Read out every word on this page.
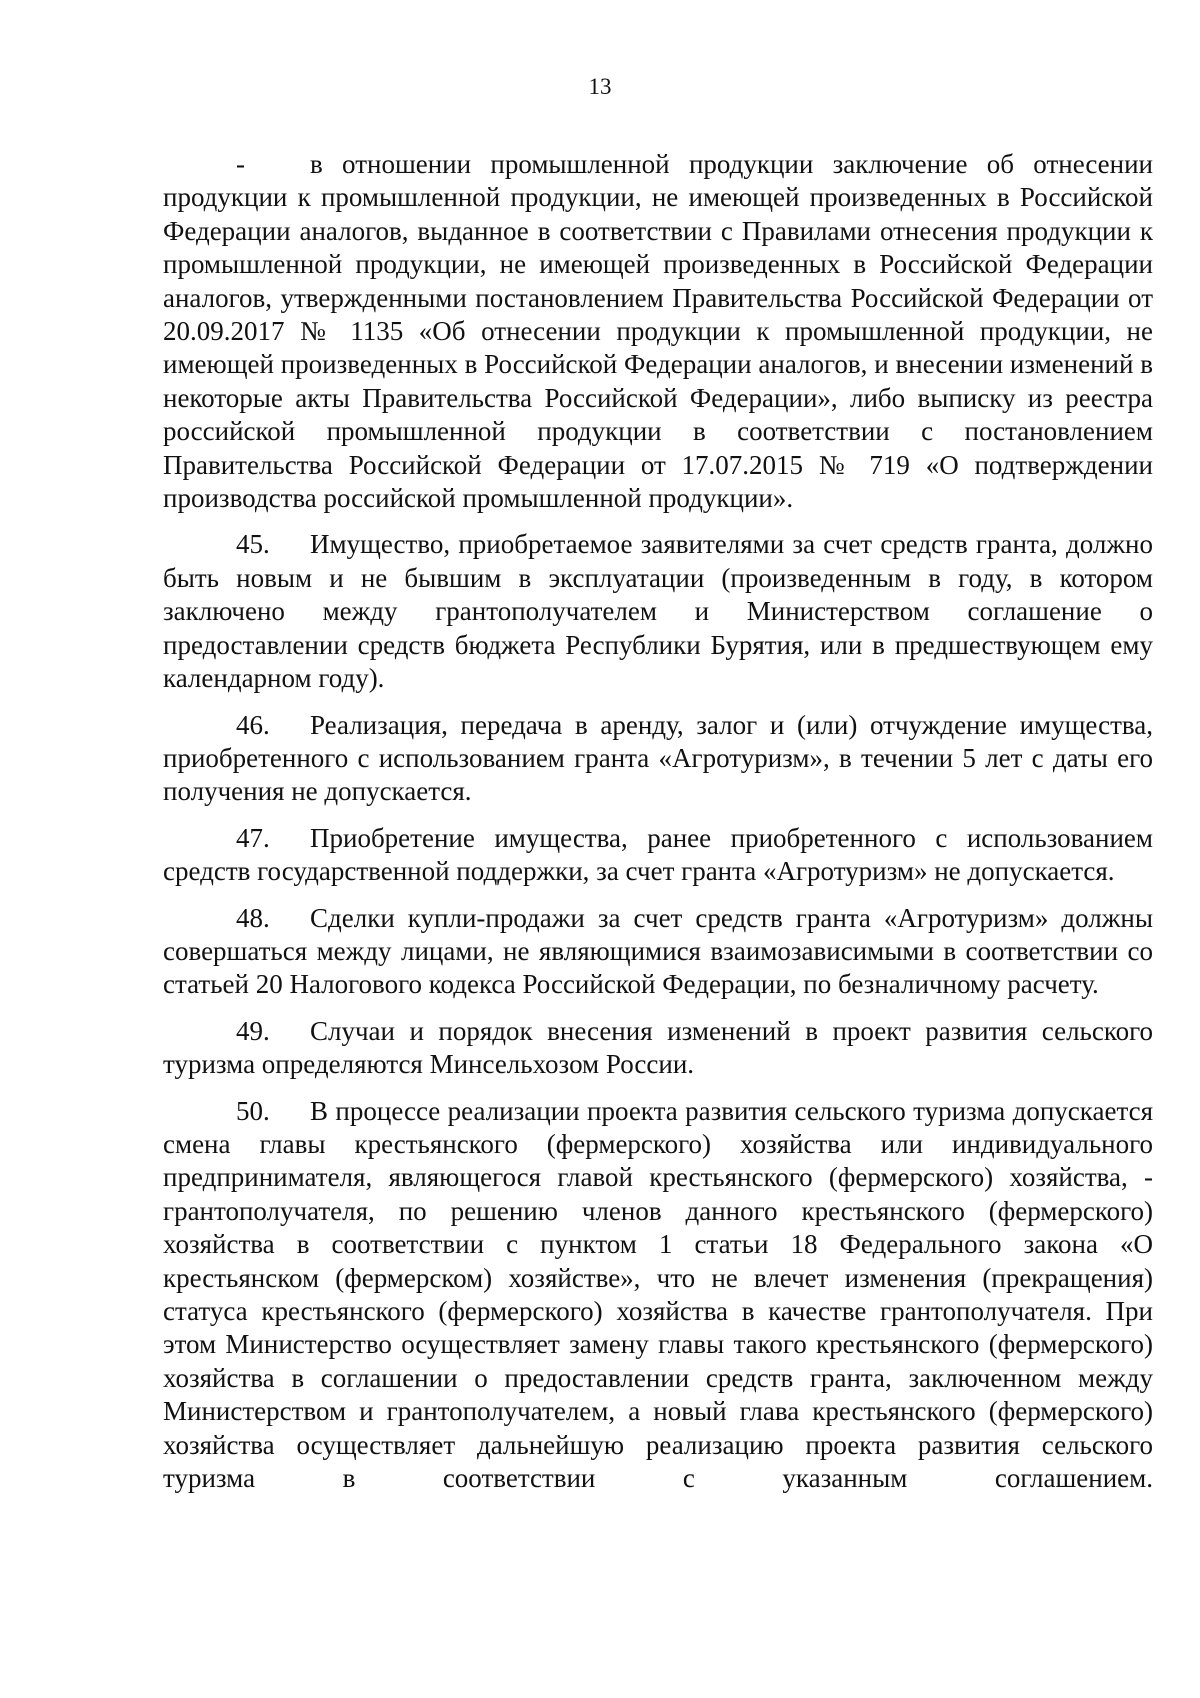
13

- в отношении промышленной продукции заключение об отнесении продукции к промышленной продукции, не имеющей произведенных в Российской Федерации аналогов, выданное в соответствии с Правилами отнесения продукции к промышленной продукции, не имеющей произведенных в Российской Федерации аналогов, утвержденными постановлением Правительства Российской Федерации от 20.09.2017 № 1135 «Об отнесении продукции к промышленной продукции, не имеющей произведенных в Российской Федерации аналогов, и внесении изменений в некоторые акты Правительства Российской Федерации», либо выписку из реестра российской промышленной продукции в соответствии с постановлением Правительства Российской Федерации от 17.07.2015 № 719 «О подтверждении производства российской промышленной продукции».

45. Имущество, приобретаемое заявителями за счет средств гранта, должно быть новым и не бывшим в эксплуатации (произведенным в году, в котором заключено между грантополучателем и Министерством соглашение о предоставлении средств бюджета Республики Бурятия, или в предшествующем ему календарном году).

46. Реализация, передача в аренду, залог и (или) отчуждение имущества, приобретенного с использованием гранта «Агротуризм», в течении 5 лет с даты его получения не допускается.

47. Приобретение имущества, ранее приобретенного с использованием средств государственной поддержки, за счет гранта «Агротуризм» не допускается.

48. Сделки купли-продажи за счет средств гранта «Агротуризм» должны совершаться между лицами, не являющимися взаимозависимыми в соответствии со статьей 20 Налогового кодекса Российской Федерации, по безналичному расчету.

49. Случаи и порядок внесения изменений в проект развития сельского туризма определяются Минсельхозом России.

50. В процессе реализации проекта развития сельского туризма допускается смена главы крестьянского (фермерского) хозяйства или индивидуального предпринимателя, являющегося главой крестьянского (фермерского) хозяйства, - грантополучателя, по решению членов данного крестьянского (фермерского) хозяйства в соответствии с пунктом 1 статьи 18 Федерального закона «О крестьянском (фермерском) хозяйстве», что не влечет изменения (прекращения) статуса крестьянского (фермерского) хозяйства в качестве грантополучателя. При этом Министерство осуществляет замену главы такого крестьянского (фермерского) хозяйства в соглашении о предоставлении средств гранта, заключенном между Министерством и грантополучателем, а новый глава крестьянского (фермерского) хозяйства осуществляет дальнейшую реализацию проекта развития сельского туризма в соответствии с указанным соглашением.
